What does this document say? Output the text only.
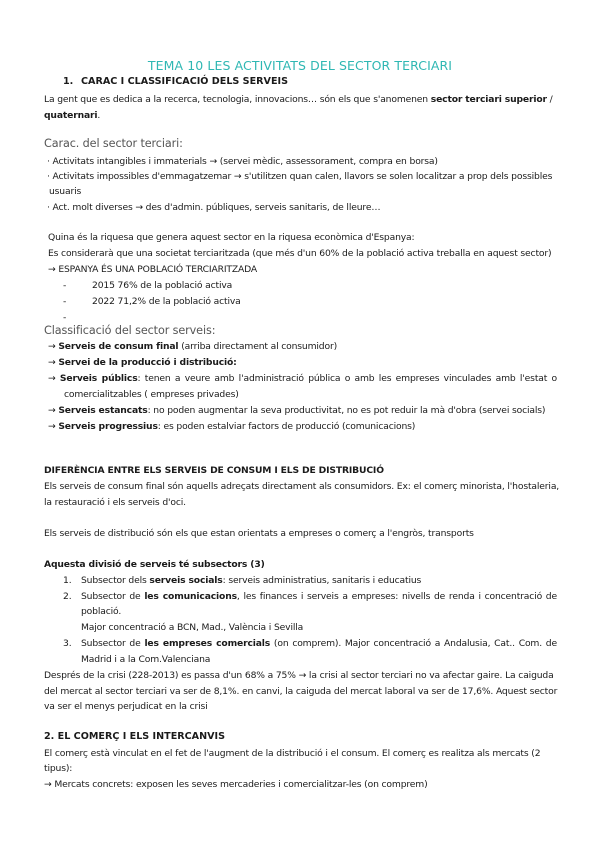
TEMA 10 LES ACTIVITATS DEL SECTOR TERCIARI
1. CARAC I CLASSIFICACIÓ DELS SERVEIS
La gent que es dedica a la recerca, tecnologia, innovacions… són els que s'anomenen sector terciari superior /
quaternari.
Carac. del sector terciari:
· Activitats intangibles i immaterials → (servei mèdic, assessorament, compra en borsa)
· Activitats impossibles d'emmagatzemar → s'utilitzen quan calen, llavors se solen localitzar a prop dels possibles
usuaris
· Act. molt diverses → des d'admin. públiques, serveis sanitaris, de lleure…
Quina és la riquesa que genera aquest sector en la riquesa econòmica d'Espanya:
Es considerarà que una societat terciaritzada (que més d'un 60% de la població activa treballa en aquest sector)
→ ESPANYA ÉS UNA POBLACIÓ TERCIARITZADA
-	2015 76% de la població activa
-	2022 71,2% de la població activa
-
Classificació del sector serveis:
→ Serveis de consum final (arriba directament al consumidor)
→ Servei de la producció i distribució:
→ Serveis públics: tenen a veure amb l'administració pública o amb les empreses vinculades amb l'estat o
comercialitzables ( empreses privades)
→ Serveis estancats: no poden augmentar la seva productivitat, no es pot reduir la mà d'obra (servei socials)
→ Serveis progressius: es poden estalviar factors de producció (comunicacions)
DIFERÈNCIA ENTRE ELS SERVEIS DE CONSUM I ELS DE DISTRIBUCIÓ
Els serveis de consum final són aquells adreçats directament als consumidors. Ex: el comerç minorista, l'hostaleria,
la restauració i els serveis d'oci.
Els serveis de distribució són els que estan orientats a empreses o comerç a l'engròs, transports
Aquesta divisió de serveis té subsectors (3)
1. Subsector dels serveis socials: serveis administratius, sanitaris i educatius
2. Subsector de les comunicacions, les finances i serveis a empreses: nivells de renda i concentració de
població.
Major concentració a BCN, Mad., València i Sevilla
3. Subsector de les empreses comercials (on comprem). Major concentració a Andalusia, Cat.. Com. de
Madrid i a la Com.Valenciana
Després de la crisi (228-2013) es passa d'un 68% a 75% → la crisi al sector terciari no va afectar gaire. La caiguda
del mercat al sector terciari va ser de 8,1%. en canvi, la caiguda del mercat laboral va ser de 17,6%. Aquest sector
va ser el menys perjudicat en la crisi
2. EL COMERÇ I ELS INTERCANVIS
El comerç està vinculat en el fet de l'augment de la distribució i el consum. El comerç es realitza als mercats (2
tipus):
→ Mercats concrets: exposen les seves mercaderies i comercialitzar-les (on comprem)
